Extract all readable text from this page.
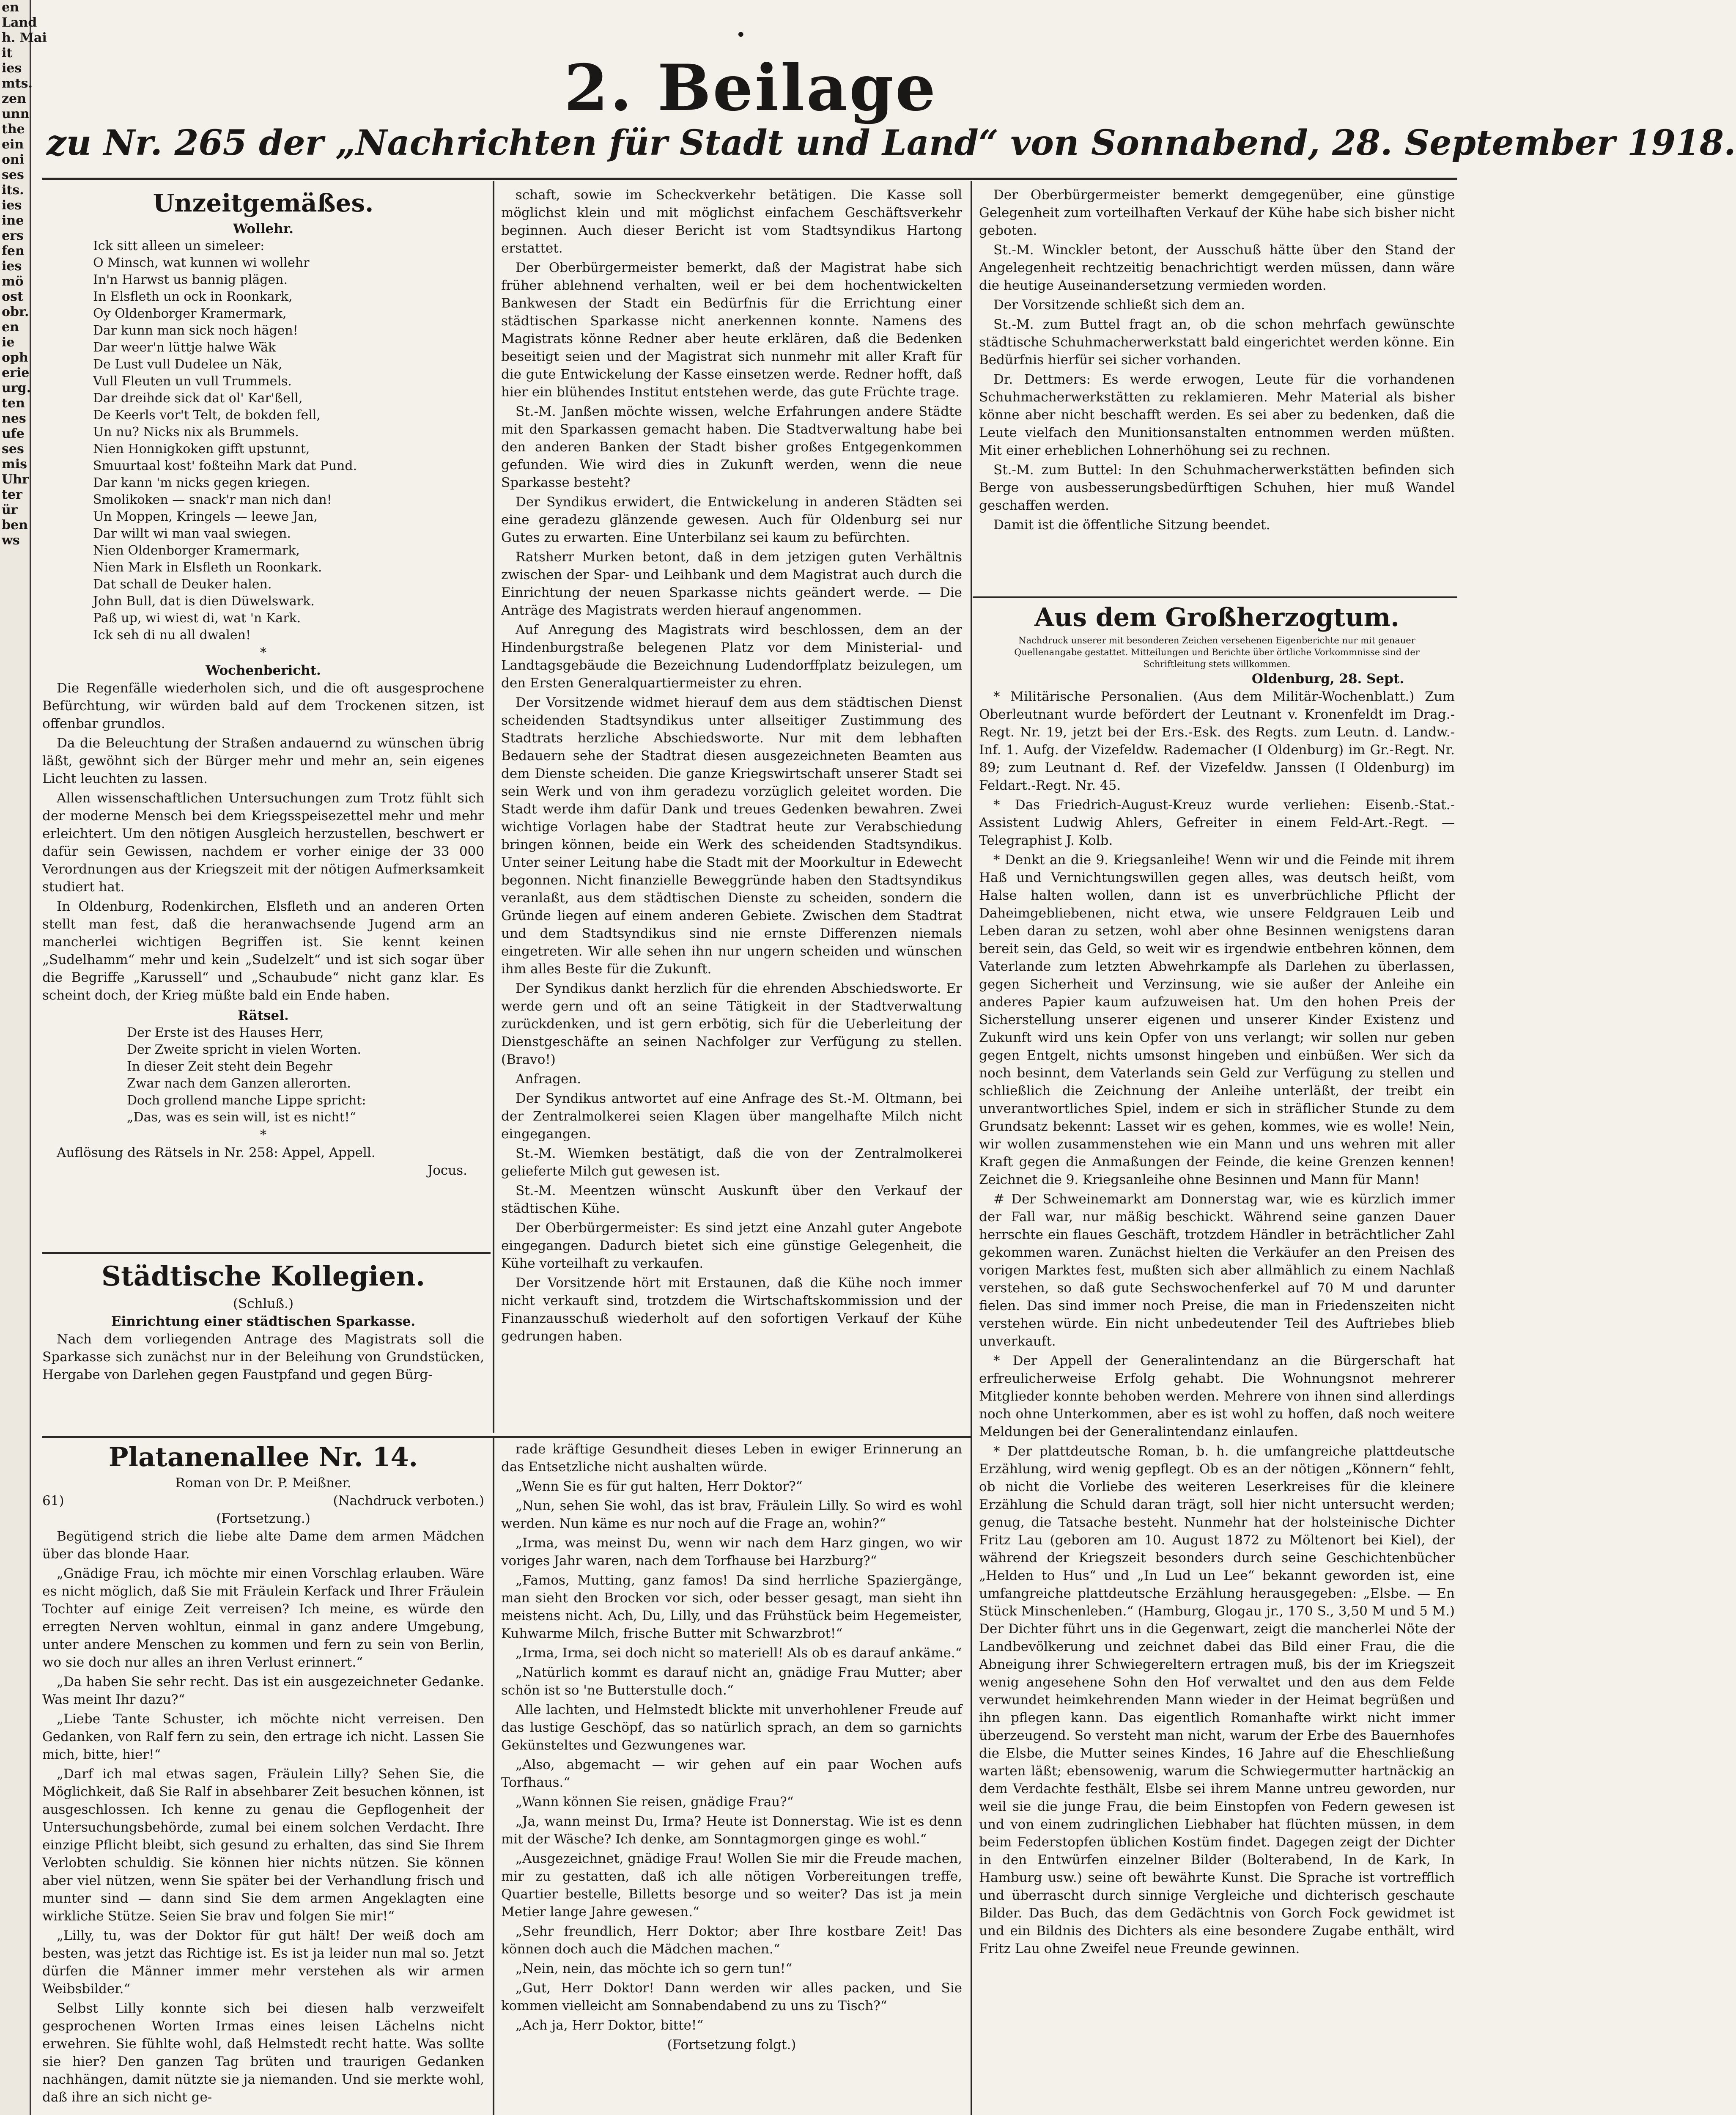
en
Land
h. Mai
it
ies
mts.
zen
unn
the
ein
oni
ses
its.
ies
ine
ers
fen
ies
mö
ost
obr.
en
ie
oph
erie
urg.
ten
nes
ufe
ses
mis
Uhr
ter
ür
ben
ws
•
2. Beilage
zu Nr. 265 der „Nachrichten für Stadt und Land“ von Sonnabend, 28. September 1918.
Unzeitgemäßes.
Wollehr.
Ick sitt alleen un simeleer:
O Minsch, wat kunnen wi wollehr
In'n Harwst us bannig plägen.
In Elsfleth un ock in Roonkark,
Oy Oldenborger Kramermark,
Dar kunn man sick noch hägen!
Dar weer'n lüttje halwe Wäk
De Lust vull Dudelee un Näk,
Vull Fleuten un vull Trummels.
Dar dreihde sick dat ol' Kar'ßell,
De Keerls vor't Telt, de bokden fell,
Un nu? Nicks nix als Brummels.
Nien Honnigkoken gifft upstunnt,
Smuurtaal kost' foßteihn Mark dat Pund.
Dar kann 'm nicks gegen kriegen.
Smolikoken — snack'r man nich dan!
Un Moppen, Kringels — leewe Jan,
Dar willt wi man vaal swiegen.
Nien Oldenborger Kramermark,
Nien Mark in Elsfleth un Roonkark.
Dat schall de Deuker halen.
John Bull, dat is dien Düwelswark.
Paß up, wi wiest di, wat 'n Kark.
Ick seh di nu all dwalen!
*
Wochenbericht.

Die Regenfälle wiederholen sich, und die oft ausgesprochene Befürchtung, wir würden bald auf dem Trockenen sitzen, ist offenbar grundlos.

Da die Beleuchtung der Straßen andauernd zu wünschen übrig läßt, gewöhnt sich der Bürger mehr und mehr an, sein eigenes Licht leuchten zu lassen.

Allen wissenschaftlichen Untersuchungen zum Trotz fühlt sich der moderne Mensch bei dem Kriegsspeisezettel mehr und mehr erleichtert. Um den nötigen Ausgleich herzustellen, beschwert er dafür sein Gewissen, nachdem er vorher einige der 33 000 Verordnungen aus der Kriegszeit mit der nötigen Aufmerksamkeit studiert hat.

In Oldenburg, Rodenkirchen, Elsfleth und an anderen Orten stellt man fest, daß die heranwachsende Jugend arm an mancherlei wichtigen Begriffen ist. Sie kennt keinen „Sudelhamm“ mehr und kein „Sudelzelt“ und ist sich sogar über die Begriffe „Karussell“ und „Schaubude“ nicht ganz klar. Es scheint doch, der Krieg müßte bald ein Ende haben.

Rätsel.
Der Erste ist des Hauses Herr,
Der Zweite spricht in vielen Worten.
In dieser Zeit steht dein Begehr
Zwar nach dem Ganzen allerorten.
Doch grollend manche Lippe spricht:
„Das, was es sein will, ist es nicht!“
*
Auflösung des Rätsels in Nr. 258: Appel, Appell.
Jocus.
Städtische Kollegien.
(Schluß.)
Einrichtung einer städtischen Sparkasse.

Nach dem vorliegenden Antrage des Magistrats soll die Sparkasse sich zunächst nur in der Beleihung von Grundstücken, Hergabe von Darlehen gegen Faustpfand und gegen Bürg-

schaft, sowie im Scheckverkehr betätigen. Die Kasse soll möglichst klein und mit möglichst einfachem Geschäftsverkehr beginnen. Auch dieser Bericht ist vom Stadtsyndikus Hartong erstattet.

Der Oberbürgermeister bemerkt, daß der Magistrat habe sich früher ablehnend verhalten, weil er bei dem hochentwickelten Bankwesen der Stadt ein Bedürfnis für die Errichtung einer städtischen Sparkasse nicht anerkennen konnte. Namens des Magistrats könne Redner aber heute erklären, daß die Bedenken beseitigt seien und der Magistrat sich nunmehr mit aller Kraft für die gute Entwickelung der Kasse einsetzen werde. Redner hofft, daß hier ein blühendes Institut entstehen werde, das gute Früchte trage.

St.-M. Janßen möchte wissen, welche Erfahrungen andere Städte mit den Sparkassen gemacht haben. Die Stadtverwaltung habe bei den anderen Banken der Stadt bisher großes Entgegenkommen gefunden. Wie wird dies in Zukunft werden, wenn die neue Sparkasse besteht?

Der Syndikus erwidert, die Entwickelung in anderen Städten sei eine geradezu glänzende gewesen. Auch für Oldenburg sei nur Gutes zu erwarten. Eine Unterbilanz sei kaum zu befürchten.

Ratsherr Murken betont, daß in dem jetzigen guten Verhältnis zwischen der Spar- und Leihbank und dem Magistrat auch durch die Einrichtung der neuen Sparkasse nichts geändert werde. — Die Anträge des Magistrats werden hierauf angenommen.

Auf Anregung des Magistrats wird beschlossen, dem an der Hindenburgstraße belegenen Platz vor dem Ministerial- und Landtagsgebäude die Bezeichnung Ludendorffplatz beizulegen, um den Ersten Generalquartiermeister zu ehren.

Der Vorsitzende widmet hierauf dem aus dem städtischen Dienst scheidenden Stadtsyndikus unter allseitiger Zustimmung des Stadtrats herzliche Abschiedsworte. Nur mit dem lebhaften Bedauern sehe der Stadtrat diesen ausgezeichneten Beamten aus dem Dienste scheiden. Die ganze Kriegswirtschaft unserer Stadt sei sein Werk und von ihm geradezu vorzüglich geleitet worden. Die Stadt werde ihm dafür Dank und treues Gedenken bewahren. Zwei wichtige Vorlagen habe der Stadtrat heute zur Verabschiedung bringen können, beide ein Werk des scheidenden Stadtsyndikus. Unter seiner Leitung habe die Stadt mit der Moorkultur in Edewecht begonnen. Nicht finanzielle Beweggründe haben den Stadtsyndikus veranlaßt, aus dem städtischen Dienste zu scheiden, sondern die Gründe liegen auf einem anderen Gebiete. Zwischen dem Stadtrat und dem Stadtsyndikus sind nie ernste Differenzen niemals eingetreten. Wir alle sehen ihn nur ungern scheiden und wünschen ihm alles Beste für die Zukunft.

Der Syndikus dankt herzlich für die ehrenden Abschiedsworte. Er werde gern und oft an seine Tätigkeit in der Stadtverwaltung zurückdenken, und ist gern erbötig, sich für die Ueberleitung der Dienstgeschäfte an seinen Nachfolger zur Verfügung zu stellen. (Bravo!)

Anfragen.

Der Syndikus antwortet auf eine Anfrage des St.-M. Oltmann, bei der Zentralmolkerei seien Klagen über mangelhafte Milch nicht eingegangen.

St.-M. Wiemken bestätigt, daß die von der Zentralmolkerei gelieferte Milch gut gewesen ist.

St.-M. Meentzen wünscht Auskunft über den Verkauf der städtischen Kühe.

Der Oberbürgermeister: Es sind jetzt eine Anzahl guter Angebote eingegangen. Dadurch bietet sich eine günstige Gelegenheit, die Kühe vorteilhaft zu verkaufen.

Der Vorsitzende hört mit Erstaunen, daß die Kühe noch immer nicht verkauft sind, trotzdem die Wirtschaftskommission und der Finanzausschuß wiederholt auf den sofortigen Verkauf der Kühe gedrungen haben.

Der Oberbürgermeister bemerkt demgegenüber, eine günstige Gelegenheit zum vorteilhaften Verkauf der Kühe habe sich bisher nicht geboten.

St.-M. Winckler betont, der Ausschuß hätte über den Stand der Angelegenheit rechtzeitig benachrichtigt werden müssen, dann wäre die heutige Auseinandersetzung vermieden worden.

Der Vorsitzende schließt sich dem an.

St.-M. zum Buttel fragt an, ob die schon mehrfach gewünschte städtische Schuhmacherwerkstatt bald eingerichtet werden könne. Ein Bedürfnis hierfür sei sicher vorhanden.

Dr. Dettmers: Es werde erwogen, Leute für die vorhandenen Schuhmacherwerkstätten zu reklamieren. Mehr Material als bisher könne aber nicht beschafft werden. Es sei aber zu bedenken, daß die Leute vielfach den Munitionsanstalten entnommen werden müßten. Mit einer erheblichen Lohnerhöhung sei zu rechnen.

St.-M. zum Buttel: In den Schuhmacherwerkstätten befinden sich Berge von ausbesserungsbedürftigen Schuhen, hier muß Wandel geschaffen werden.

Damit ist die öffentliche Sitzung beendet.

Aus dem Großherzogtum.
Nachdruck unserer mit besonderen Zeichen versehenen Eigenberichte nur mit genauer Quellenangabe gestattet. Mitteilungen und Berichte über örtliche Vorkommnisse sind der Schriftleitung stets willkommen.
Oldenburg, 28. Sept.

* Militärische Personalien. (Aus dem Militär-Wochenblatt.) Zum Oberleutnant wurde befördert der Leutnant v. Kronenfeldt im Drag.-Regt. Nr. 19, jetzt bei der Ers.-Esk. des Regts. zum Leutn. d. Landw.-Inf. 1. Aufg. der Vizefeldw. Rademacher (I Oldenburg) im Gr.-Regt. Nr. 89; zum Leutnant d. Ref. der Vizefeldw. Janssen (I Oldenburg) im Feldart.-Regt. Nr. 45.

* Das Friedrich-August-Kreuz wurde verliehen: Eisenb.-Stat.-Assistent Ludwig Ahlers, Gefreiter in einem Feld-Art.-Regt. — Telegraphist J. Kolb.

* Denkt an die 9. Kriegsanleihe! Wenn wir und die Feinde mit ihrem Haß und Vernichtungswillen gegen alles, was deutsch heißt, vom Halse halten wollen, dann ist es unverbrüchliche Pflicht der Daheimgebliebenen, nicht etwa, wie unsere Feldgrauen Leib und Leben daran zu setzen, wohl aber ohne Besinnen wenigstens daran bereit sein, das Geld, so weit wir es irgendwie entbehren können, dem Vaterlande zum letzten Abwehrkampfe als Darlehen zu überlassen, gegen Sicherheit und Verzinsung, wie sie außer der Anleihe ein anderes Papier kaum aufzuweisen hat. Um den hohen Preis der Sicherstellung unserer eigenen und unserer Kinder Existenz und Zukunft wird uns kein Opfer von uns verlangt; wir sollen nur geben gegen Entgelt, nichts umsonst hingeben und einbüßen. Wer sich da noch besinnt, dem Vaterlands sein Geld zur Verfügung zu stellen und schließlich die Zeichnung der Anleihe unterläßt, der treibt ein unverantwortliches Spiel, indem er sich in sträflicher Stunde zu dem Grundsatz bekennt: Lasset wir es gehen, kommes, wie es wolle! Nein, wir wollen zusammenstehen wie ein Mann und uns wehren mit aller Kraft gegen die Anmaßungen der Feinde, die keine Grenzen kennen! Zeichnet die 9. Kriegsanleihe ohne Besinnen und Mann für Mann!

# Der Schweinemarkt am Donnerstag war, wie es kürzlich immer der Fall war, nur mäßig beschickt. Während seine ganzen Dauer herrschte ein flaues Geschäft, trotzdem Händler in beträchtlicher Zahl gekommen waren. Zunächst hielten die Verkäufer an den Preisen des vorigen Marktes fest, mußten sich aber allmählich zu einem Nachlaß verstehen, so daß gute Sechswochenferkel auf 70 M und darunter fielen. Das sind immer noch Preise, die man in Friedenszeiten nicht verstehen würde. Ein nicht unbedeutender Teil des Auftriebes blieb unverkauft.

* Der Appell der Generalintendanz an die Bürgerschaft hat erfreulicherweise Erfolg gehabt. Die Wohnungsnot mehrerer Mitglieder konnte behoben werden. Mehrere von ihnen sind allerdings noch ohne Unterkommen, aber es ist wohl zu hoffen, daß noch weitere Meldungen bei der Generalintendanz einlaufen.

* Der plattdeutsche Roman, b. h. die umfangreiche plattdeutsche Erzählung, wird wenig gepflegt. Ob es an der nötigen „Könnern“ fehlt, ob nicht die Vorliebe des weiteren Leserkreises für die kleinere Erzählung die Schuld daran trägt, soll hier nicht untersucht werden; genug, die Tatsache besteht. Nunmehr hat der holsteinische Dichter Fritz Lau (geboren am 10. August 1872 zu Möltenort bei Kiel), der während der Kriegszeit besonders durch seine Geschichtenbücher „Helden to Hus“ und „In Lud un Lee“ bekannt geworden ist, eine umfangreiche plattdeutsche Erzählung herausgegeben: „Elsbe. — En Stück Minschenleben.“ (Hamburg, Glogau jr., 170 S., 3,50 M und 5 M.) Der Dichter führt uns in die Gegenwart, zeigt die mancherlei Nöte der Landbevölkerung und zeichnet dabei das Bild einer Frau, die die Abneigung ihrer Schwiegereltern ertragen muß, bis der im Kriegszeit wenig angesehene Sohn den Hof verwaltet und den aus dem Felde verwundet heimkehrenden Mann wieder in der Heimat begrüßen und ihn pflegen kann. Das eigentlich Romanhafte wirkt nicht immer überzeugend. So versteht man nicht, warum der Erbe des Bauernhofes die Elsbe, die Mutter seines Kindes, 16 Jahre auf die Eheschließung warten läßt; ebensowenig, warum die Schwiegermutter hartnäckig an dem Verdachte festhält, Elsbe sei ihrem Manne untreu geworden, nur weil sie die junge Frau, die beim Einstopfen von Federn gewesen ist und von einem zudringlichen Liebhaber hat flüchten müssen, in dem beim Federstopfen üblichen Kostüm findet. Dagegen zeigt der Dichter in den Entwürfen einzelner Bilder (Bolterabend, In de Kark, In Hamburg usw.) seine oft bewährte Kunst. Die Sprache ist vortrefflich und überrascht durch sinnige Vergleiche und dichterisch geschaute Bilder. Das Buch, das dem Gedächtnis von Gorch Fock gewidmet ist und ein Bildnis des Dichters als eine besondere Zugabe enthält, wird Fritz Lau ohne Zweifel neue Freunde gewinnen.

Platanenallee Nr. 14.
Roman von Dr. P. Meißner.
61)	(Nachdruck verboten.)
(Fortsetzung.)

Begütigend strich die liebe alte Dame dem armen Mädchen über das blonde Haar.

„Gnädige Frau, ich möchte mir einen Vorschlag erlauben. Wäre es nicht möglich, daß Sie mit Fräulein Kerfack und Ihrer Fräulein Tochter auf einige Zeit verreisen? Ich meine, es würde den erregten Nerven wohltun, einmal in ganz andere Umgebung, unter andere Menschen zu kommen und fern zu sein von Berlin, wo sie doch nur alles an ihren Verlust erinnert.“

„Da haben Sie sehr recht. Das ist ein ausgezeichneter Gedanke. Was meint Ihr dazu?“

„Liebe Tante Schuster, ich möchte nicht verreisen. Den Gedanken, von Ralf fern zu sein, den ertrage ich nicht. Lassen Sie mich, bitte, hier!“

„Darf ich mal etwas sagen, Fräulein Lilly? Sehen Sie, die Möglichkeit, daß Sie Ralf in absehbarer Zeit besuchen können, ist ausgeschlossen. Ich kenne zu genau die Gepflogenheit der Untersuchungsbehörde, zumal bei einem solchen Verdacht. Ihre einzige Pflicht bleibt, sich gesund zu erhalten, das sind Sie Ihrem Verlobten schuldig. Sie können hier nichts nützen. Sie können aber viel nützen, wenn Sie später bei der Verhandlung frisch und munter sind — dann sind Sie dem armen Angeklagten eine wirkliche Stütze. Seien Sie brav und folgen Sie mir!“

„Lilly, tu, was der Doktor für gut hält! Der weiß doch am besten, was jetzt das Richtige ist. Es ist ja leider nun mal so. Jetzt dürfen die Männer immer mehr verstehen als wir armen Weibsbilder.“

Selbst Lilly konnte sich bei diesen halb verzweifelt gesprochenen Worten Irmas eines leisen Lächelns nicht erwehren. Sie fühlte wohl, daß Helmstedt recht hatte. Was sollte sie hier? Den ganzen Tag brüten und traurigen Gedanken nachhängen, damit nützte sie ja niemanden. Und sie merkte wohl, daß ihre an sich nicht ge-

rade kräftige Gesundheit dieses Leben in ewiger Erinnerung an das Entsetzliche nicht aushalten würde.

„Wenn Sie es für gut halten, Herr Doktor?“

„Nun, sehen Sie wohl, das ist brav, Fräulein Lilly. So wird es wohl werden. Nun käme es nur noch auf die Frage an, wohin?“

„Irma, was meinst Du, wenn wir nach dem Harz gingen, wo wir voriges Jahr waren, nach dem Torfhause bei Harzburg?“

„Famos, Mutting, ganz famos! Da sind herrliche Spaziergänge, man sieht den Brocken vor sich, oder besser gesagt, man sieht ihn meistens nicht. Ach, Du, Lilly, und das Frühstück beim Hegemeister, Kuhwarme Milch, frische Butter mit Schwarzbrot!“

„Irma, Irma, sei doch nicht so materiell! Als ob es darauf ankäme.“

„Natürlich kommt es darauf nicht an, gnädige Frau Mutter; aber schön ist so 'ne Butterstulle doch.“

Alle lachten, und Helmstedt blickte mit unverhohlener Freude auf das lustige Geschöpf, das so natürlich sprach, an dem so garnichts Gekünsteltes und Gezwungenes war.

„Also, abgemacht — wir gehen auf ein paar Wochen aufs Torfhaus.“

„Wann können Sie reisen, gnädige Frau?“

„Ja, wann meinst Du, Irma? Heute ist Donnerstag. Wie ist es denn mit der Wäsche? Ich denke, am Sonntagmorgen ginge es wohl.“

„Ausgezeichnet, gnädige Frau! Wollen Sie mir die Freude machen, mir zu gestatten, daß ich alle nötigen Vorbereitungen treffe, Quartier bestelle, Billetts besorge und so weiter? Das ist ja mein Metier lange Jahre gewesen.“

„Sehr freundlich, Herr Doktor; aber Ihre kostbare Zeit! Das können doch auch die Mädchen machen.“

„Nein, nein, das möchte ich so gern tun!“

„Gut, Herr Doktor! Dann werden wir alles packen, und Sie kommen vielleicht am Sonnabendabend zu uns zu Tisch?“

„Ach ja, Herr Doktor, bitte!“

(Fortsetzung folgt.)
